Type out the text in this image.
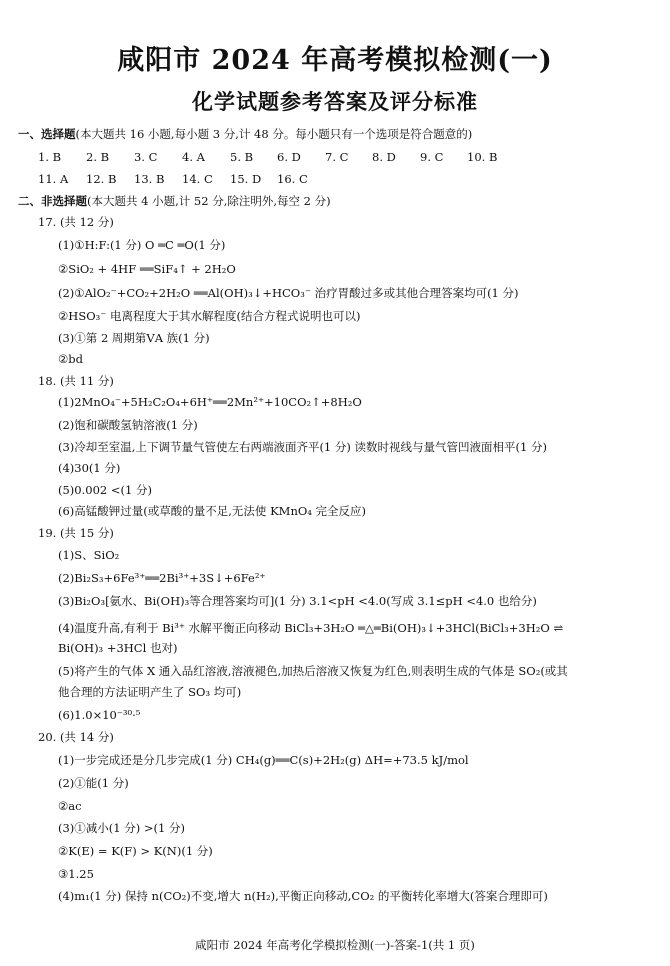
咸阳市 2024 年高考模拟检测(一)
化学试题参考答案及评分标准
一、选择题(本大题共 16 小题,每小题 3 分,计 48 分。每小题只有一个选项是符合题意的)
1. B 2. B 3. C 4. A 5. B 6. D 7. C 8. D 9. C 10. B
11. A 12. B 13. B 14. C 15. D 16. C
二、非选择题(本大题共 4 小题,计 52 分,除注明外,每空 2 分)
17. (共 12 分)
(1)①H:F:(1 分) O ═C ═O(1 分)
②SiO₂ + 4HF ══SiF₄↑ + 2H₂O
(2)①AlO₂⁻+CO₂+2H₂O ══Al(OH)₃↓+HCO₃⁻ 治疗胃酸过多或其他合理答案均可(1 分)
②HSO₃⁻ 电离程度大于其水解程度(结合方程式说明也可以)
(3)①第 2 周期第ⅤA 族(1 分)
②bd
18. (共 11 分)
(1)2MnO₄⁻+5H₂C₂O₄+6H⁺══2Mn²⁺+10CO₂↑+8H₂O
(2)饱和碳酸氢钠溶液(1 分)
(3)冷却至室温,上下调节量气管使左右两端液面齐平(1 分) 读数时视线与量气管凹液面相平(1 分)
(4)30(1 分)
(5)0.002 <(1 分)
(6)高锰酸钾过量(或草酸的量不足,无法使 KMnO₄ 完全反应)
19. (共 15 分)
(1)S、SiO₂
(2)Bi₂S₃+6Fe³⁺══2Bi³⁺+3S↓+6Fe²⁺
(3)Bi₂O₃[氨水、Bi(OH)₃等合理答案均可](1 分) 3.1<pH <4.0(写成 3.1≤pH <4.0 也给分)
(4)温度升高,有利于 Bi³⁺ 水解平衡正向移动 BiCl₃+3H₂O ═△═Bi(OH)₃↓+3HCl(BiCl₃+3H₂O ⇌
Bi(OH)₃ +3HCl 也对)
(5)将产生的气体 X 通入品红溶液,溶液褪色,加热后溶液又恢复为红色,则表明生成的气体是 SO₂(或其
他合理的方法证明产生了 SO₃ 均可)
(6)1.0×10⁻³⁰·⁵
20. (共 14 分)
(1)一步完成还是分几步完成(1 分) CH₄(g)══C(s)+2H₂(g) ΔH=+73.5 kJ/mol
(2)①能(1 分)
②ac
(3)①减小(1 分) >(1 分)
②K(E) = K(F) > K(N)(1 分)
③1.25
(4)m₁(1 分) 保持 n(CO₂)不变,增大 n(H₂),平衡正向移动,CO₂ 的平衡转化率增大(答案合理即可)
咸阳市 2024 年高考化学模拟检测(一)-答案-1(共 1 页)
